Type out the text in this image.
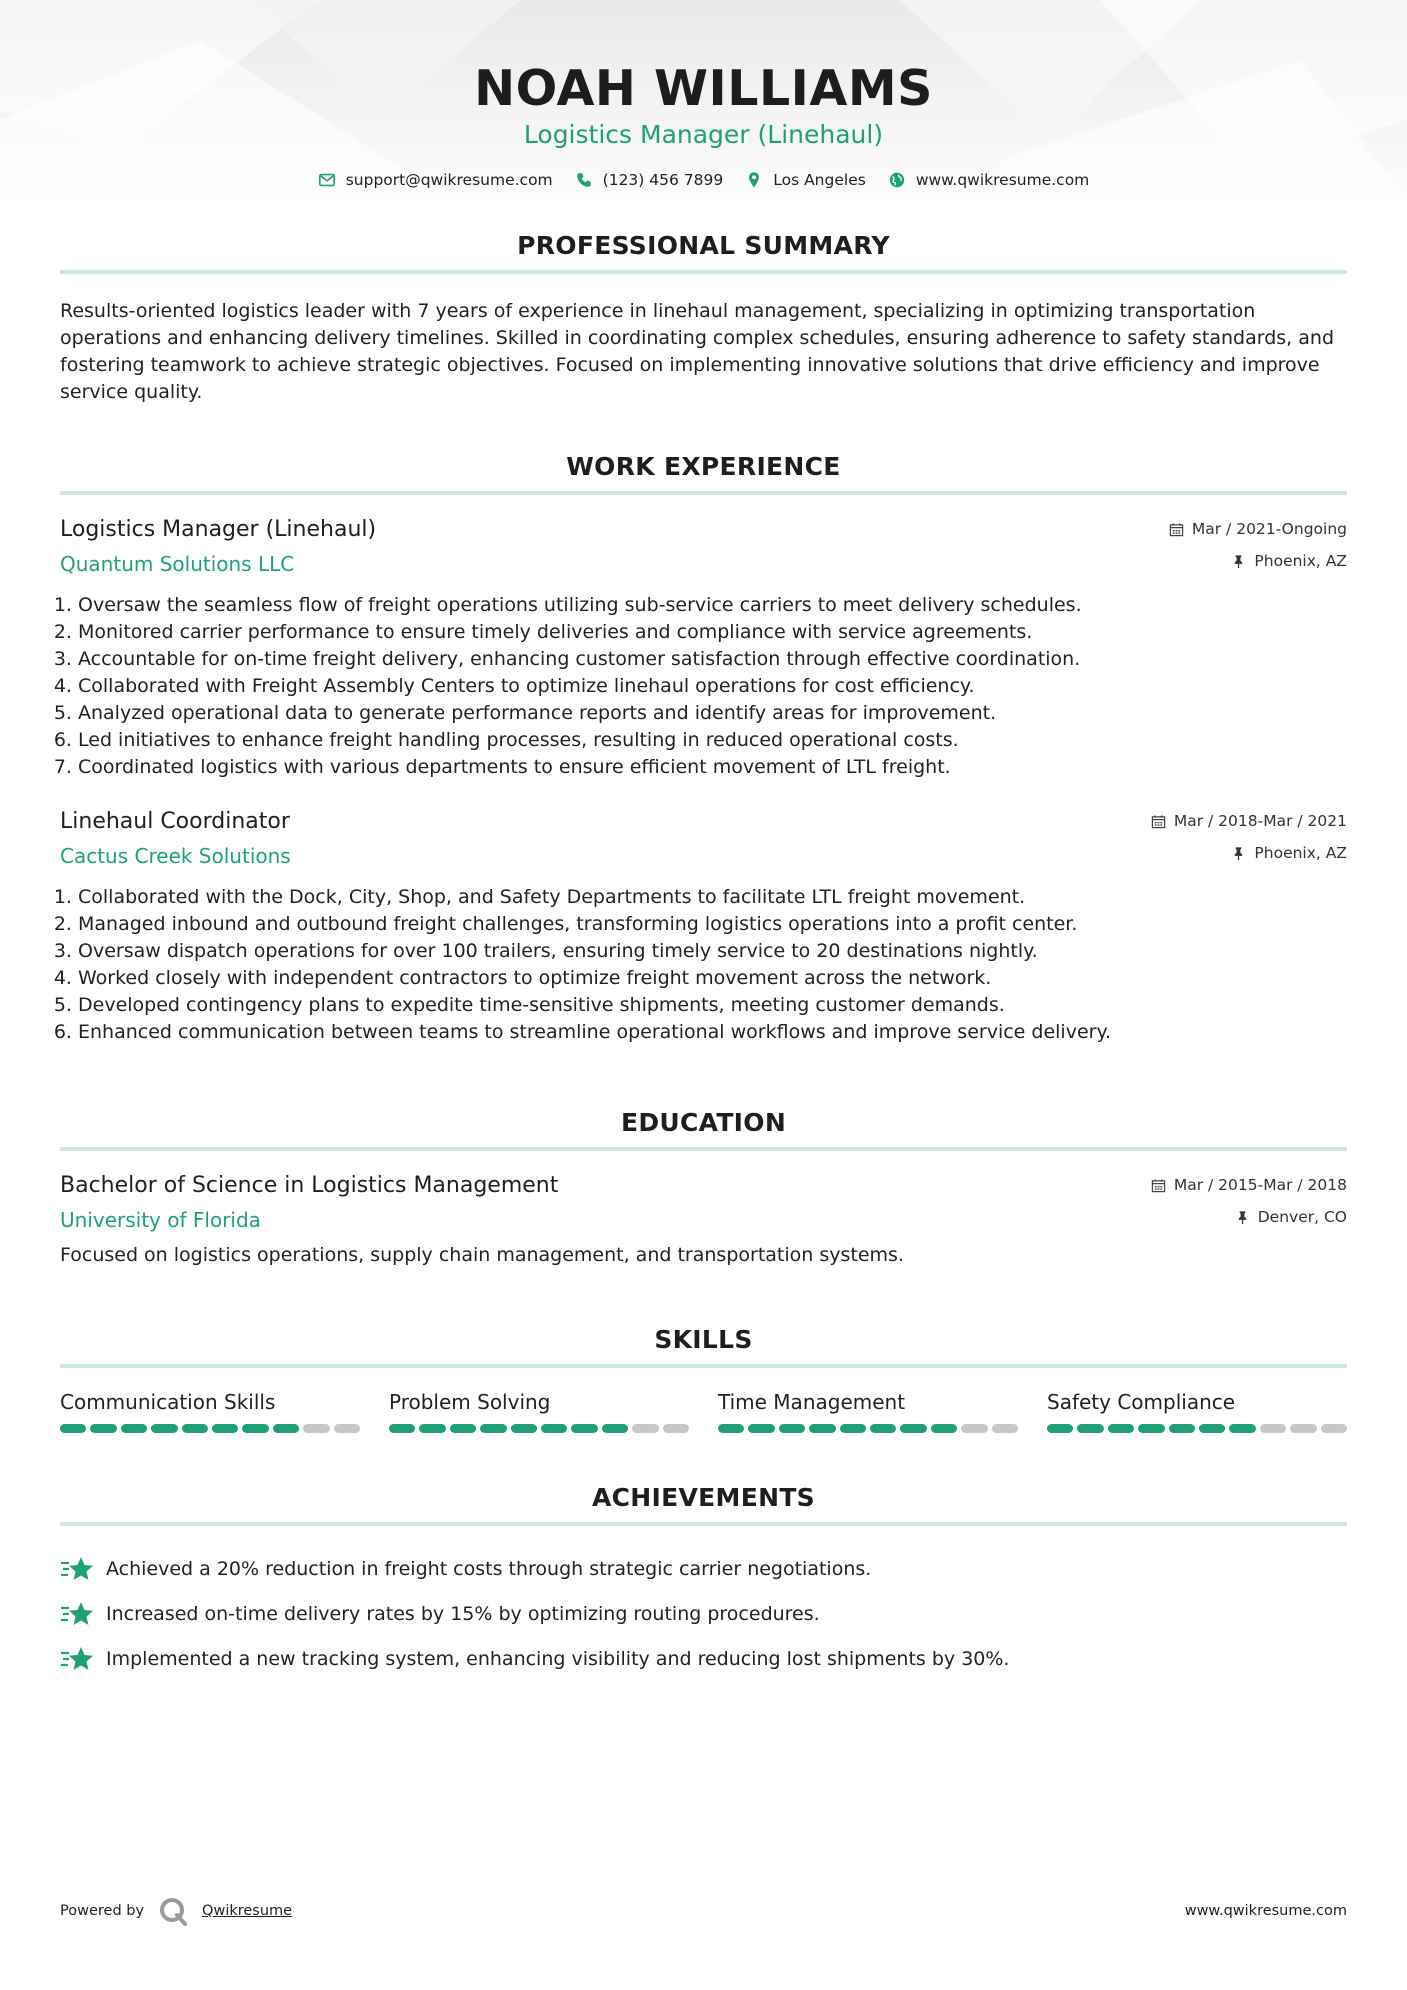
NOAH WILLIAMS
Logistics Manager (Linehaul)
support@qwikresume.com	(123) 456 7899	Los Angeles	www.qwikresume.com
PROFESSIONAL SUMMARY
Results-oriented logistics leader with 7 years of experience in linehaul management, specializing in optimizing transportation operations and enhancing delivery timelines. Skilled in coordinating complex schedules, ensuring adherence to safety standards, and fostering teamwork to achieve strategic objectives. Focused on implementing innovative solutions that drive efficiency and improve service quality.
WORK EXPERIENCE
Logistics Manager (Linehaul)
Quantum Solutions LLC
Mar / 2021-Ongoing
Phoenix, AZ
1. Oversaw the seamless flow of freight operations utilizing sub-service carriers to meet delivery schedules.
2. Monitored carrier performance to ensure timely deliveries and compliance with service agreements.
3. Accountable for on-time freight delivery, enhancing customer satisfaction through effective coordination.
4. Collaborated with Freight Assembly Centers to optimize linehaul operations for cost efficiency.
5. Analyzed operational data to generate performance reports and identify areas for improvement.
6. Led initiatives to enhance freight handling processes, resulting in reduced operational costs.
7. Coordinated logistics with various departments to ensure efficient movement of LTL freight.
Linehaul Coordinator
Cactus Creek Solutions
Mar / 2018-Mar / 2021
Phoenix, AZ
1. Collaborated with the Dock, City, Shop, and Safety Departments to facilitate LTL freight movement.
2. Managed inbound and outbound freight challenges, transforming logistics operations into a profit center.
3. Oversaw dispatch operations for over 100 trailers, ensuring timely service to 20 destinations nightly.
4. Worked closely with independent contractors to optimize freight movement across the network.
5. Developed contingency plans to expedite time-sensitive shipments, meeting customer demands.
6. Enhanced communication between teams to streamline operational workflows and improve service delivery.
EDUCATION
Bachelor of Science in Logistics Management
University of Florida
Mar / 2015-Mar / 2018
Denver, CO
Focused on logistics operations, supply chain management, and transportation systems.
SKILLS
Communication Skills	Problem Solving	Time Management	Safety Compliance
ACHIEVEMENTS
Achieved a 20% reduction in freight costs through strategic carrier negotiations.
Increased on-time delivery rates by 15% by optimizing routing procedures.
Implemented a new tracking system, enhancing visibility and reducing lost shipments by 30%.
Powered by	Qwikresume	www.qwikresume.com
